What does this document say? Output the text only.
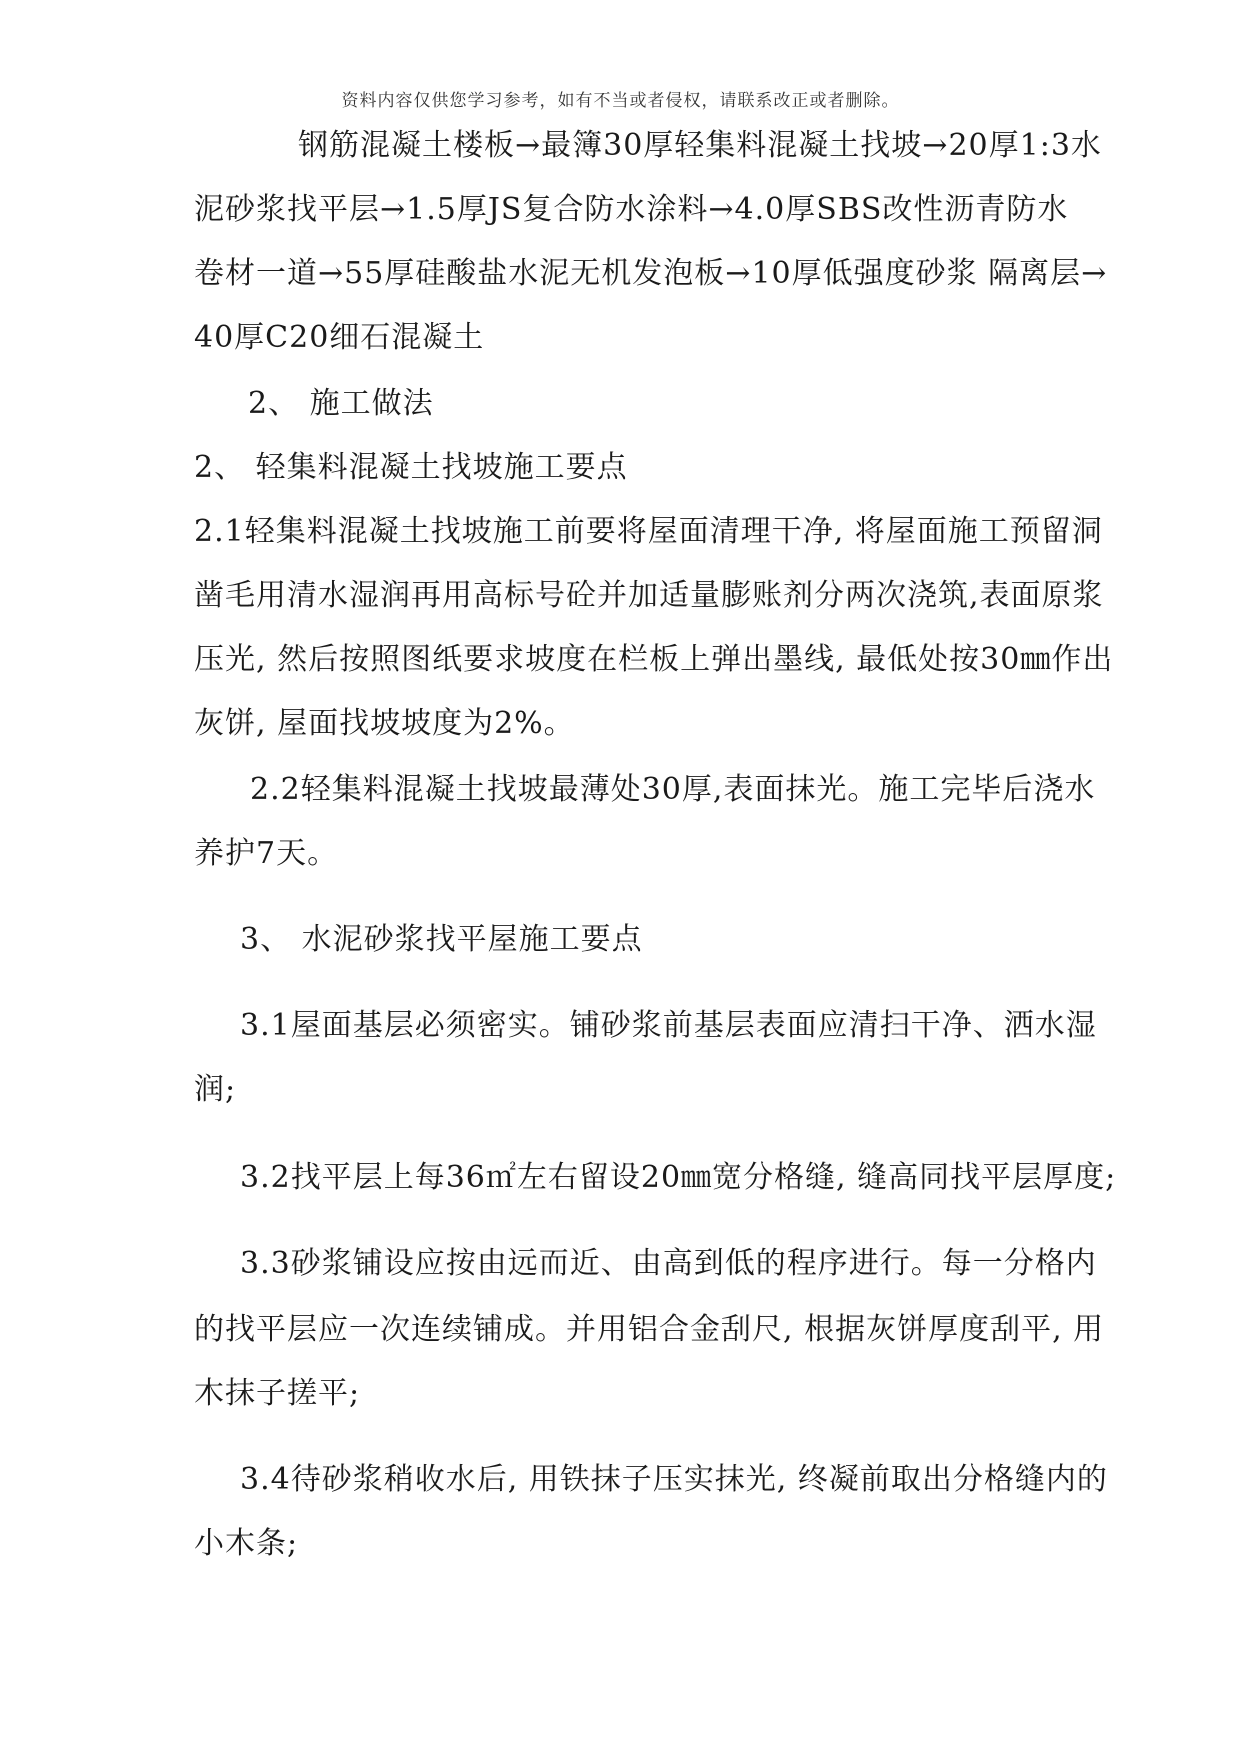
资料内容仅供您学习参考，如有不当或者侵权，请联系改正或者删除。
钢筋混凝土楼板→最簿30厚轻集料混凝土找坡→20厚1:3水
泥砂浆找平层→1.5厚JS复合防水涂料→4.0厚SBS改性沥青防水
卷材一道→55厚硅酸盐水泥无机发泡板→10厚低强度砂浆 隔离层→
40厚C20细石混凝土
2、 施工做法
2、 轻集料混凝土找坡施工要点
2.1轻集料混凝土找坡施工前要将屋面清理干净, 将屋面施工预留洞
凿毛用清水湿润再用高标号砼并加适量膨账剂分两次浇筑,表面原浆
压光, 然后按照图纸要求坡度在栏板上弹出墨线, 最低处按30㎜作出
灰饼, 屋面找坡坡度为2%。
2.2轻集料混凝土找坡最薄处30厚,表面抹光。施工完毕后浇水
养护7天。
3、 水泥砂浆找平屋施工要点
3.1屋面基层必须密实。铺砂浆前基层表面应清扫干净、洒水湿
润;
3.2找平层上每36㎡左右留设20㎜宽分格缝, 缝高同找平层厚度;
3.3砂浆铺设应按由远而近、由高到低的程序进行。每一分格内
的找平层应一次连续铺成。并用铝合金刮尺, 根据灰饼厚度刮平, 用
木抹子搓平;
3.4待砂浆稍收水后, 用铁抹子压实抹光, 终凝前取出分格缝内的
小木条;
